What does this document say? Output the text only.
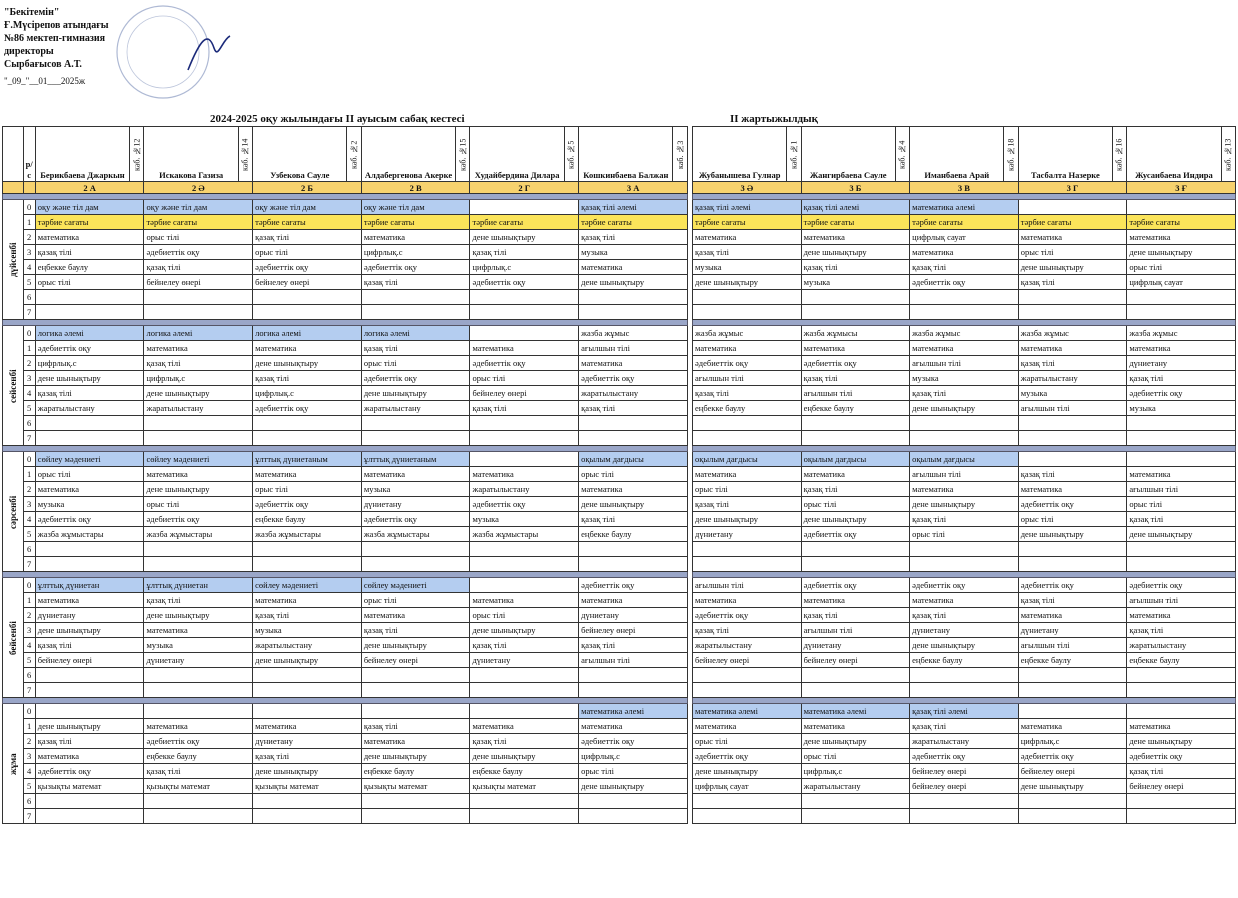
"Бекітемін"
Ғ.Мүсірепов атындағы
№86 мектеп-гимназия
директоры
Сырбағысов А.Т.
"_09_"__01___2025ж
2024-2025 оқу жылындағы II ауысым сабақ кестесі	ІІ жартыжылдық
	р/с	Берикбаева Джаркын	каб. №12	Искакова Газиза	каб. №14	Узбекова Сауле	каб. №2	Алдабергенова Акерке	каб. №15	Худайбердина Дилара	каб. №5	Кошкинбаева Балжан	каб. №3
		2 А		2 Ә		2 Б		2 В		2 Г		3 А	

дүйсенбі	0	оқу және тіл дам		оқу және тіл дам		оқу және тіл дам		оқу және тіл дам				қазақ тілі әлемі	
	1	тәрбие сағаты		тәрбие сағаты		тәрбие сағаты		тәрбие сағаты		тәрбие сағаты		тәрбие сағаты	
	2	математика		орыс тілі		қазақ тілі		математика		дене шынықтыру		қазақ тілі	
	3	қазақ тілі		әдебиеттік оқу		орыс тілі		цифрлық.с		қазақ тілі		музыка	
	4	еңбекке баулу		қазақ тілі		әдебиеттік оқу		әдебиеттік оқу		цифрлық.с		математика	
	5	орыс тілі		бейнелеу өнері		бейнелеу өнері		қазақ тілі		әдебиеттік оқу		дене шынықтыру	
	6												
	7												

сейсенбі	0	логика әлемі		логика әлемі		логика әлемі		логика әлемі				жазба жұмыс	
	1	әдебиеттік оқу		математика		математика		қазақ тілі		математика		ағылшын тілі	
	2	цифрлық.с		қазақ тілі		дене шынықтыру		орыс тілі		әдебиеттік оқу		математика	
	3	дене шынықтыру		цифрлық.с		қазақ тілі		әдебиеттік оқу		орыс тілі		әдебиеттік оқу	
	4	қазақ тілі		дене шынықтыру		цифрлық.с		дене шынықтыру		бейнелеу өнері		жаратылыстану	
	5	жаратылыстану		жаратылыстану		әдебиеттік оқу		жаратылыстану		қазақ тілі		қазақ тілі	
	6												
	7												

сәрсенбі	0	сөйлеу мәдениеті		сөйлеу мәдениеті		ұлттық дүниетаным		ұлттық дүниетаным				оқылым дағдысы	
	1	орыс тілі		математика		математика		математика		математика		орыс тілі	
	2	математика		дене шынықтыру		орыс тілі		музыка		жаратылыстану		математика	
	3	музыка		орыс тілі		әдебиеттік оқу		дүниетану		әдебиеттік оқу		дене шынықтыру	
	4	әдебиеттік оқу		әдебиеттік оқу		еңбекке баулу		әдебиеттік оқу		музыка		қазақ тілі	
	5	жазба жұмыстары		жазба жұмыстары		жазба жұмыстары		жазба жұмыстары		жазба жұмыстары		еңбекке баулу	
	6												
	7												

бейсенбі	0	ұлттық дүниетан		ұлттық дүниетан		сөйлеу мәдениеті		сөйлеу мәдениеті				әдебиеттік оқу	
	1	математика		қазақ тілі		математика		орыс тілі		математика		математика	
	2	дүниетану		дене шынықтыру		қазақ тілі		математика		орыс тілі		дүниетану	
	3	дене шынықтыру		математика		музыка		қазақ тілі		дене шынықтыру		бейнелеу өнері	
	4	қазақ тілі		музыка		жаратылыстану		дене шынықтыру		қазақ тілі		қазақ тілі	
	5	бейнелеу өнері		дүниетану		дене шынықтыру		бейнелеу өнері		дүниетану		ағылшын тілі	
	6												
	7												

жұма	0											математика әлемі	
	1	дене шынықтыру		математика		математика		қазақ тілі		математика		математика	
	2	қазақ тілі		әдебиеттік оқу		дүниетану		математика		қазақ тілі		әдебиеттік оқу	
	3	математика		еңбекке баулу		қазақ тілі		дене шынықтыру		дене шынықтыру		цифрлық.с	
	4	әдебиеттік оқу		қазақ тілі		дене шынықтыру		еңбекке баулу		еңбекке баулу		орыс тілі	
	5	қызықты математ		қызықты математ		қызықты математ		қызықты математ		қызықты математ		дене шынықтыру	
	6												
	7												
Жубанышева Гулнар	каб. №1	Жангирбаева Сауле	каб. №4	Иманбаева Арай	каб. №18	Тасбалта Назерке	каб. №16	Жусаибаева Индира	каб. №13
3 Ә		3 Б		3 В		3 Г		3 Ғ	

қазақ тілі әлемі		қазақ тілі әлемі		математика әлемі					
тәрбие сағаты		тәрбие сағаты		тәрбие сағаты		тәрбие сағаты		тәрбие сағаты	
математика		математика		цифрлық сауат		математика		математика	
қазақ тілі		дене шынықтыру		математика		орыс тілі		дене шынықтыру	
музыка		қазақ тілі		қазақ тілі		дене шынықтыру		орыс тілі	
дене шынықтыру		музыка		әдебиеттік оқу		қазақ тілі		цифрлық сауат	

жазба жұмыс		жазба жұмысы		жазба жұмыс		жазба жұмыс		жазба жұмыс	
математика		математика		математика		математика		математика	
әдебиеттік оқу		әдебиеттік оқу		ағылшын тілі		қазақ тілі		дүниетану	
ағылшын тілі		қазақ тілі		музыка		жаратылыстану		қазақ тілі	
қазақ тілі		ағылшын тілі		қазақ тілі		музыка		әдебиеттік оқу	
еңбекке баулу		еңбекке баулу		дене шынықтыру		ағылшын тілі		музыка	

оқылым дағдысы		оқылым дағдысы		оқылым дағдысы					
математика		математика		ағылшын тілі		қазақ тілі		математика	
орыс тілі		қазақ тілі		математика		математика		ағылшын тілі	
қазақ тілі		орыс тілі		дене шынықтыру		әдебиеттік оқу		орыс тілі	
дене шынықтыру		дене шынықтыру		қазақ тілі		орыс тілі		қазақ тілі	
дүниетану		әдебиеттік оқу		орыс тілі		дене шынықтыру		дене шынықтыру	

ағылшын тілі		әдебиеттік оқу		әдебиеттік оқу		әдебиеттік оқу		әдебиеттік оқу	
математика		математика		математика		қазақ тілі		ағылшын тілі	
әдебиеттік оқу		қазақ тілі		қазақ тілі		математика		математика	
қазақ тілі		ағылшын тілі		дүниетану		дүниетану		қазақ тілі	
жаратылыстану		дүниетану		дене шынықтыру		ағылшын тілі		жаратылыстану	
бейнелеу өнері		бейнелеу өнері		еңбекке баулу		еңбекке баулу		еңбекке баулу	

математика әлемі		математика әлемі		қазақ тілі әлемі					
математика		математика		қазақ тілі		математика		математика	
орыс тілі		дене шынықтыру		жаратылыстану		цифрлық.с		дене шынықтыру	
әдебиеттік оқу		орыс тілі		әдебиеттік оқу		әдебиеттік оқу		әдебиеттік оқу	
дене шынықтыру		цифрлық.с		бейнелеу өнері		бейнелеу өнері		қазақ тілі	
цифрлық сауат		жаратылыстану		бейнелеу өнері		дене шынықтыру		бейнелеу өнері	
